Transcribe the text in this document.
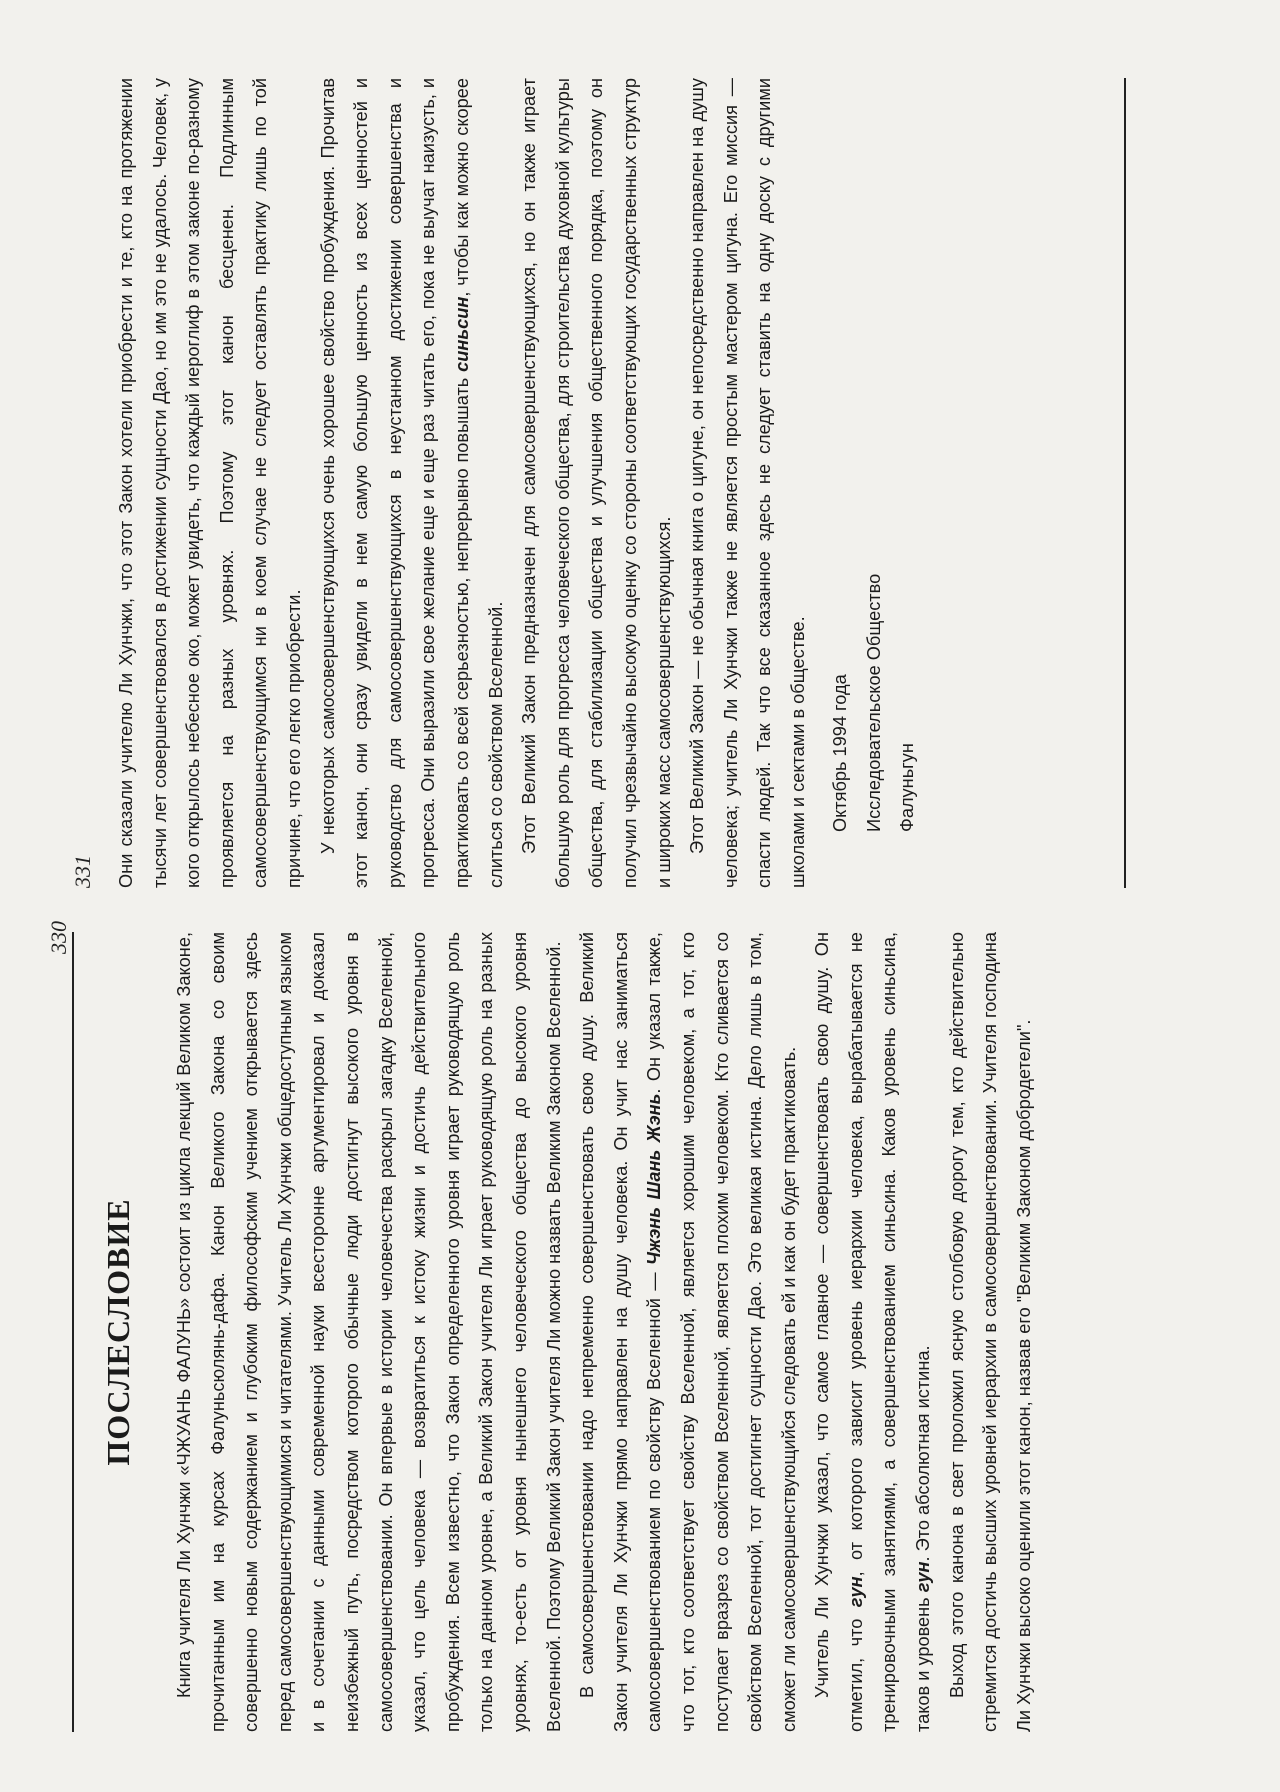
330
ПОСЛЕСЛОВИЕ	Книга учителя Ли Хунчжи «ЧЖУАНЬ ФАЛУНЬ» состоит из цикла лекций Великом Законе, прочитанным им на курсах Фалуньсюлянь-дафа. Канон Великого Закона со своим совершенно новым содержанием и глубоким философским учением открывается здесь перед самосовершенствующимися и читателями. Учитель Ли Хунчжи общедоступным языком и в сочетании с данными современной науки всесторонне аргументировал и доказал неизбежный путь, посредством которого обычные люди достигнут высокого уровня в самосовершенствовании. Он впервые в истории человечества раскрыл загадку Вселенной, указал, что цель человека — возвратиться к истоку жизни и достичь действительного пробуждения. Всем известно, что Закон определенного уровня играет руководящую роль только на данном уровне, а Великий Закон учителя Ли играет руководящую роль на разных уровнях, то-есть от уровня нынешнего человеческого общества до высокого уровня Вселенной. Поэтому Великий Закон учителя Ли можно назвать Великим Законом Вселенной. В самосовершенствовании надо непременно совершенствовать свою душу. Великий Закон учителя Ли Хунчжи прямо направлен на душу человека. Он учит нас заниматься самосовершенствованием по свойству Вселенной — Чжэнь Шань Жэнь. Он указал также, что тот, кто соответствует свойству Вселенной, является хорошим человеком, а тот, кто поступает вразрез со свойством Вселенной, является плохим человеком. Кто сливается со свойством Вселенной, тот достигнет сущности Дао. Это великая истина. Дело лишь в том, сможет ли самосовершенствующийся следовать ей и как он будет практиковать. Учитель Ли Хунчжи указал, что самое главное — совершенствовать свою душу. Он отметил, что гун, от которого зависит уровень иерархии человека, вырабатывается не тренировочными занятиями, а совершенствованием синьсина. Каков уровень синьсина, таков и уровень гун. Это абсолютная истина. Выход этого канона в свет проложил ясную столбовую дорогу тем, кто действительно стремится достичь высших уровней иерархии в самосовершенствовании. Учителя господина Ли Хунчжи высоко оценили этот канон, назвав его "Великим Законом добродетели".

331	Они сказали учителю Ли Хунчжи, что этот Закон хотели приобрести и те, кто на протяжении тысячи лет совершенствовался в достижении сущности Дао, но им это не удалось. Человек, у кого открылось небесное око, может увидеть, что каждый иероглиф в этом законе по-разному проявляется на разных уровнях. Поэтому этот канон бесценен. Подлинным самосовершенствующимся ни в коем случае не следует оставлять практику лишь по той причине, что его легко приобрести. У некоторых самосовершенствующихся очень хорошее свойство пробуждения. Прочитав этот канон, они сразу увидели в нем самую большую ценность из всех ценностей и руководство для самосовершенствующихся в неустанном достижении совершенства и прогресса. Они выразили свое желание еще и еще раз читать его, пока не выучат наизусть, и практиковать со всей серьезностью, непрерывно повышать синьсин, чтобы как можно скорее слиться со свойством Вселенной. Этот Великий Закон предназначен для самосовершенствующихся, но он также играет большую роль для прогресса человеческого общества, для строительства духовной культуры общества, для стабилизации общества и улучшения общественного порядка, поэтому он получил чрезвычайно высокую оценку со стороны соответствующих государственных структур и широких масс самосовершенствующихся. Этот Великий Закон — не обычная книга о цигуне, он непосредственно направлен на душу человека; учитель Ли Хунчжи также не является простым мастером цигуна. Его миссия — спасти людей. Так что все сказанное здесь не следует ставить на одну доску с другими школами и сектами в обществе.	Октябрь 1994 года Исследовательское Общество Фалуньгун
